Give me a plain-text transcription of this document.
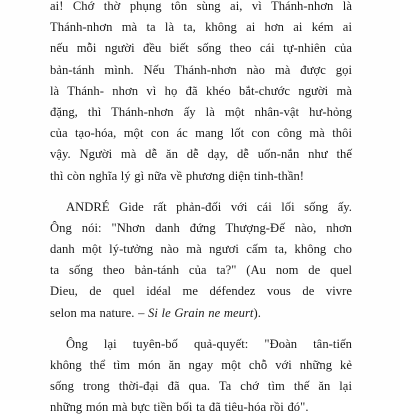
ai! Chớ thờ phụng tôn sùng ai, vì Thánh-nhơn là
Thánh-nhơn mà ta là ta, không ai hơn ai kém ai
nếu mỗi người đều biết sống theo cái tự-nhiên của
bản-tánh mình. Nếu Thánh-nhơn nào mà được gọi
là Thánh- nhơn vì họ đã khéo bắt-chước người mà
đặng, thì Thánh-nhơn ấy là một nhân-vật hư-hỏng
của tạo-hóa, một con ác mang lốt con công mà thôi
vậy. Người mà dễ ăn dễ dạy, dễ uốn-nắn như thế
thì còn nghĩa lý gì nữa về phương diện tinh-thần!
ANDRÉ Gide rất phản-đối với cái lối sống ấy.
Ông nói: "Nhơn danh đứng Thượng-Đế nào, nhơn
danh một lý-tưởng nào mà ngươi cấm ta, không cho
ta sống theo bản-tánh của ta?" (Au nom de quel
Dieu, de quel idéal me défendez vous de vivre
selon ma nature. – Si le Grain ne meurt).
Ông lại tuyên-bố quả-quyết: "Đoàn tân-tiến
không thể tìm món ăn ngay một chỗ với những kẻ
sống trong thời-đại đã qua. Ta chớ tìm thế ăn lại
những món mà bực tiền bối ta đã tiêu-hóa rồi đó".
